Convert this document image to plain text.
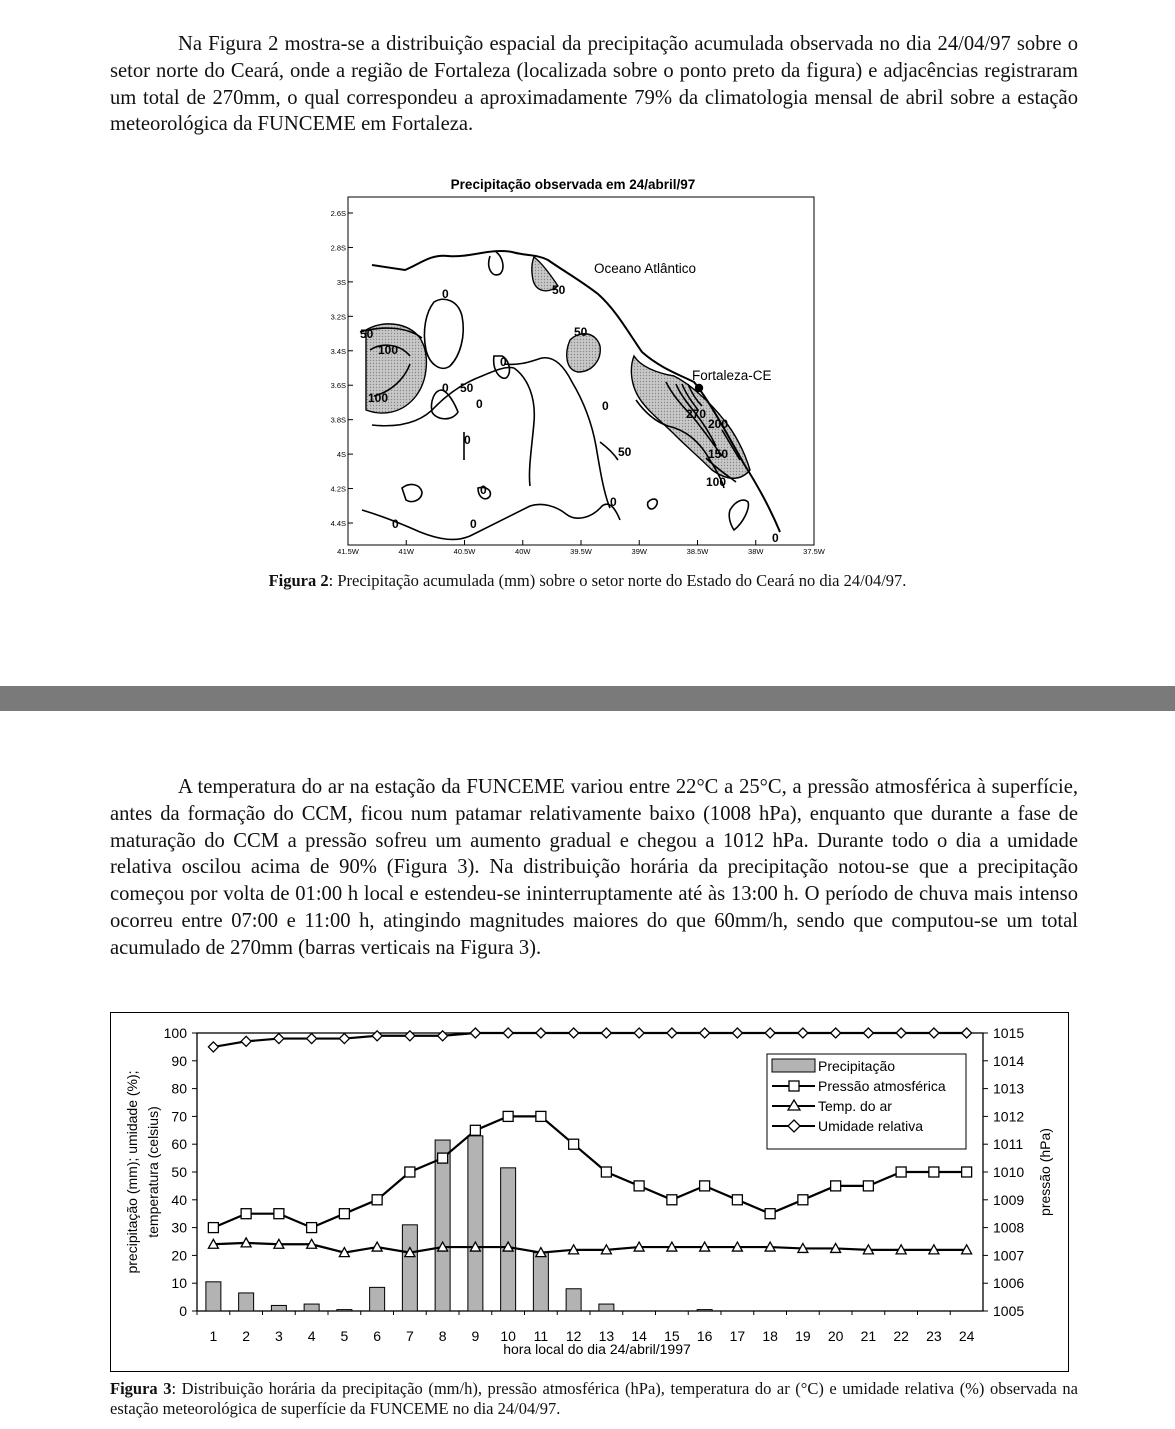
Na Figura 2 mostra-se a distribuição espacial da precipitação acumulada observada no dia 24/04/97 sobre o setor norte do Ceará, onde a região de Fortaleza (localizada sobre o ponto preto da figura) e adjacências registraram um total de 270mm, o qual correspondeu a aproximadamente 79% da climatologia mensal de abril sobre a estação meteorológica da FUNCEME em Fortaleza.

Precipitação observada em 24/abril/97
2.6S
2.8S
3S
3.2S
3.4S
3.6S
3.8S
4S
4.2S
4.4S
41.5W	41W	40.5W	40W	39.5W	39W	38.5W	38W	37.5W
Oceano Atlântico
Fortaleza-CE
50
100
100
0
0 50
0
0
50
50
50
0
270
200
150
100
0
0
0
0	0
0

Figura 2: Precipitação acumulada (mm) sobre o setor norte do Estado do Ceará no dia 24/04/97.

A temperatura do ar na estação da FUNCEME variou entre 22°C a 25°C, a pressão atmosférica à superfície, antes da formação do CCM, ficou num patamar relativamente baixo (1008 hPa), enquanto que durante a fase de maturação do CCM a pressão sofreu um aumento gradual e chegou a 1012 hPa. Durante todo o dia a umidade relativa oscilou acima de 90% (Figura 3). Na distribuição horária da precipitação notou-se que a precipitação começou por volta de 01:00 h local e estendeu-se ininterruptamente até às 13:00 h. O período de chuva mais intenso ocorreu entre 07:00 e 11:00 h, atingindo magnitudes maiores do que 60mm/h, sendo que computou-se um total acumulado de 270mm (barras verticais na Figura 3).

0
10
20
30
40
50
60
70
80
90
100
1005
1006
1007
1008
1009
1010
1011
1012
1013
1014
1015
1 2 3 4 5 6 7 8 9 10 11 12 13 14 15 16 17 18 19 20 21 22 23 24
hora local do dia 24/abril/1997
precipitação (mm); umidade (%); temperatura (celsius)	pressão (hPa)
Precipitação
Pressão atmosférica
Temp. do ar
Umidade relativa

Figura 3: Distribuição horária da precipitação (mm/h), pressão atmosférica (hPa), temperatura do ar (°C) e umidade relativa (%) observada na estação meteorológica de superfície da FUNCEME no dia 24/04/97.
